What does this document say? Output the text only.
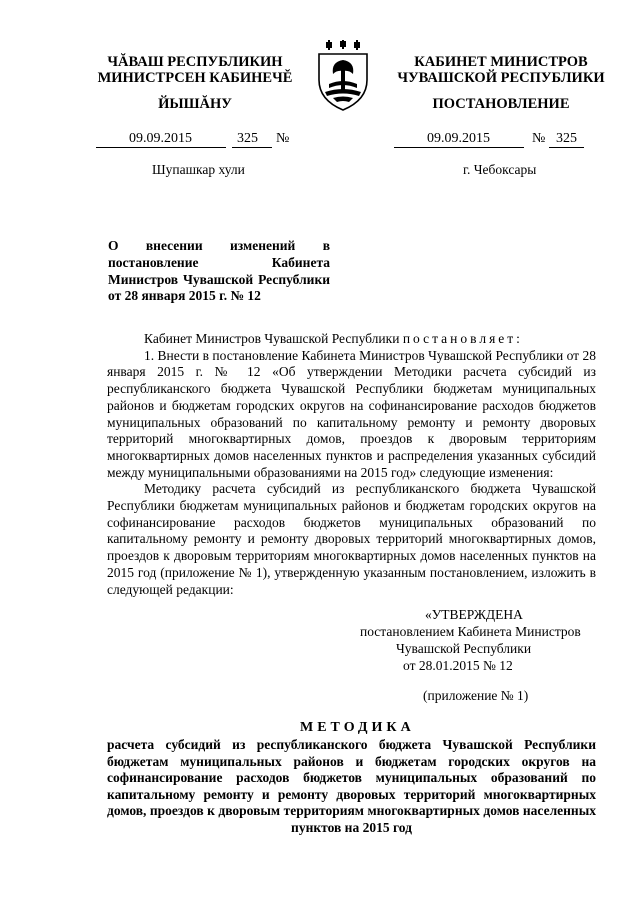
ЧĂВАШ РЕСПУБЛИКИН
МИНИСТРСЕН КАБИНЕЧĔ
КАБИНЕТ МИНИСТРОВ
ЧУВАШСКОЙ РЕСПУБЛИКИ
ЙЫШĂНУ	ПОСТАНОВЛЕНИЕ
09.09.2015	325 №	09.09.2015	№ 325
Шупашкар хули	г. Чебоксары
О внесении изменений в постановление Кабинета Министров Чувашской Республики от 28 января 2015 г. № 12

Кабинет Министров Чувашской Республики постановляет:

1. Внести в постановление Кабинета Министров Чувашской Республики от 28 января 2015 г. № 12 «Об утверждении Методики расчета субсидий из республиканского бюджета Чувашской Республики бюджетам муниципальных районов и бюджетам городских округов на софинансирование расходов бюджетов муниципальных образований по капитальному ремонту и ремонту дворовых территорий многоквартирных домов, проездов к дворовым территориям многоквартирных домов населенных пунктов и распределения указанных субсидий между муниципальными образованиями на 2015 год» следующие изменения:

Методику расчета субсидий из республиканского бюджета Чувашской Республики бюджетам муниципальных районов и бюджетам городских округов на софинансирование расходов бюджетов муниципальных образований по капитальному ремонту и ремонту дворовых территорий многоквартирных домов, проездов к дворовым территориям многоквартирных домов населенных пунктов на 2015 год (приложение № 1), утвержденную указанным постановлением, изложить в следующей редакции:

«УТВЕРЖДЕНА
постановлением Кабинета Министров
Чувашской Республики
от 28.01.2015 № 12
(приложение № 1)
МЕТОДИКА
расчета субсидий из республиканского бюджета Чувашской Республики бюджетам муниципальных районов и бюджетам городских округов на софинансирование расходов бюджетов муниципальных образований по капитальному ремонту и ремонту дворовых территорий многоквартирных домов, проездов к дворовым территориям многоквартирных домов населенных пунктов на 2015 год
